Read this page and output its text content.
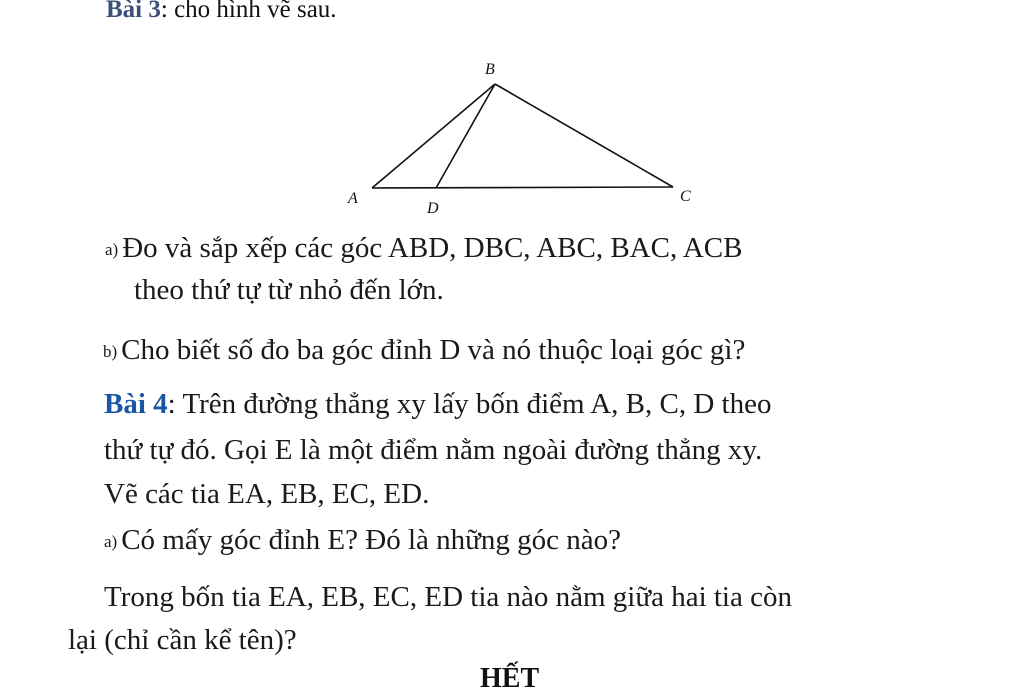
Bài 3: cho hình vẽ sau.
B
A
D
C
a) Đo và sắp xếp các góc ABD, DBC, ABC, BAC, ACB
theo thứ tự từ nhỏ đến lớn.
b) Cho biết số đo ba góc đỉnh D và nó thuộc loại góc gì?
Bài 4: Trên đường thẳng xy lấy bốn điểm A, B, C, D theo
thứ tự đó. Gọi E là một điểm nằm ngoài đường thẳng xy.
Vẽ các tia EA, EB, EC, ED.
a) Có mấy góc đỉnh E? Đó là những góc nào?
Trong bốn tia EA, EB, EC, ED tia nào nằm giữa hai tia còn
lại (chỉ cần kể tên)?
HẾT
